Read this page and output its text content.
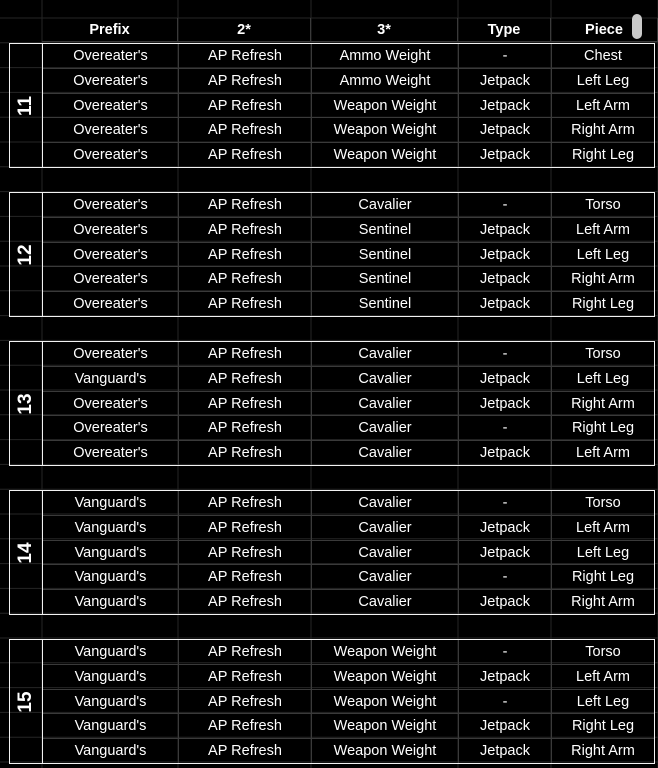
Prefix	2*	3*	Type	Piece
11
Overeater's	AP Refresh	Ammo Weight	-	Chest
Overeater's	AP Refresh	Ammo Weight	Jetpack	Left Leg
Overeater's	AP Refresh	Weapon Weight	Jetpack	Left Arm
Overeater's	AP Refresh	Weapon Weight	Jetpack	Right Arm
Overeater's	AP Refresh	Weapon Weight	Jetpack	Right Leg
12
Overeater's	AP Refresh	Cavalier	-	Torso
Overeater's	AP Refresh	Sentinel	Jetpack	Left Arm
Overeater's	AP Refresh	Sentinel	Jetpack	Left Leg
Overeater's	AP Refresh	Sentinel	Jetpack	Right Arm
Overeater's	AP Refresh	Sentinel	Jetpack	Right Leg
13
Overeater's	AP Refresh	Cavalier	-	Torso
Vanguard's	AP Refresh	Cavalier	Jetpack	Left Leg
Overeater's	AP Refresh	Cavalier	Jetpack	Right Arm
Overeater's	AP Refresh	Cavalier	-	Right Leg
Overeater's	AP Refresh	Cavalier	Jetpack	Left Arm
14
Vanguard's	AP Refresh	Cavalier	-	Torso
Vanguard's	AP Refresh	Cavalier	Jetpack	Left Arm
Vanguard's	AP Refresh	Cavalier	Jetpack	Left Leg
Vanguard's	AP Refresh	Cavalier	-	Right Leg
Vanguard's	AP Refresh	Cavalier	Jetpack	Right Arm
15
Vanguard's	AP Refresh	Weapon Weight	-	Torso
Vanguard's	AP Refresh	Weapon Weight	Jetpack	Left Arm
Vanguard's	AP Refresh	Weapon Weight	-	Left Leg
Vanguard's	AP Refresh	Weapon Weight	Jetpack	Right Leg
Vanguard's	AP Refresh	Weapon Weight	Jetpack	Right Arm
